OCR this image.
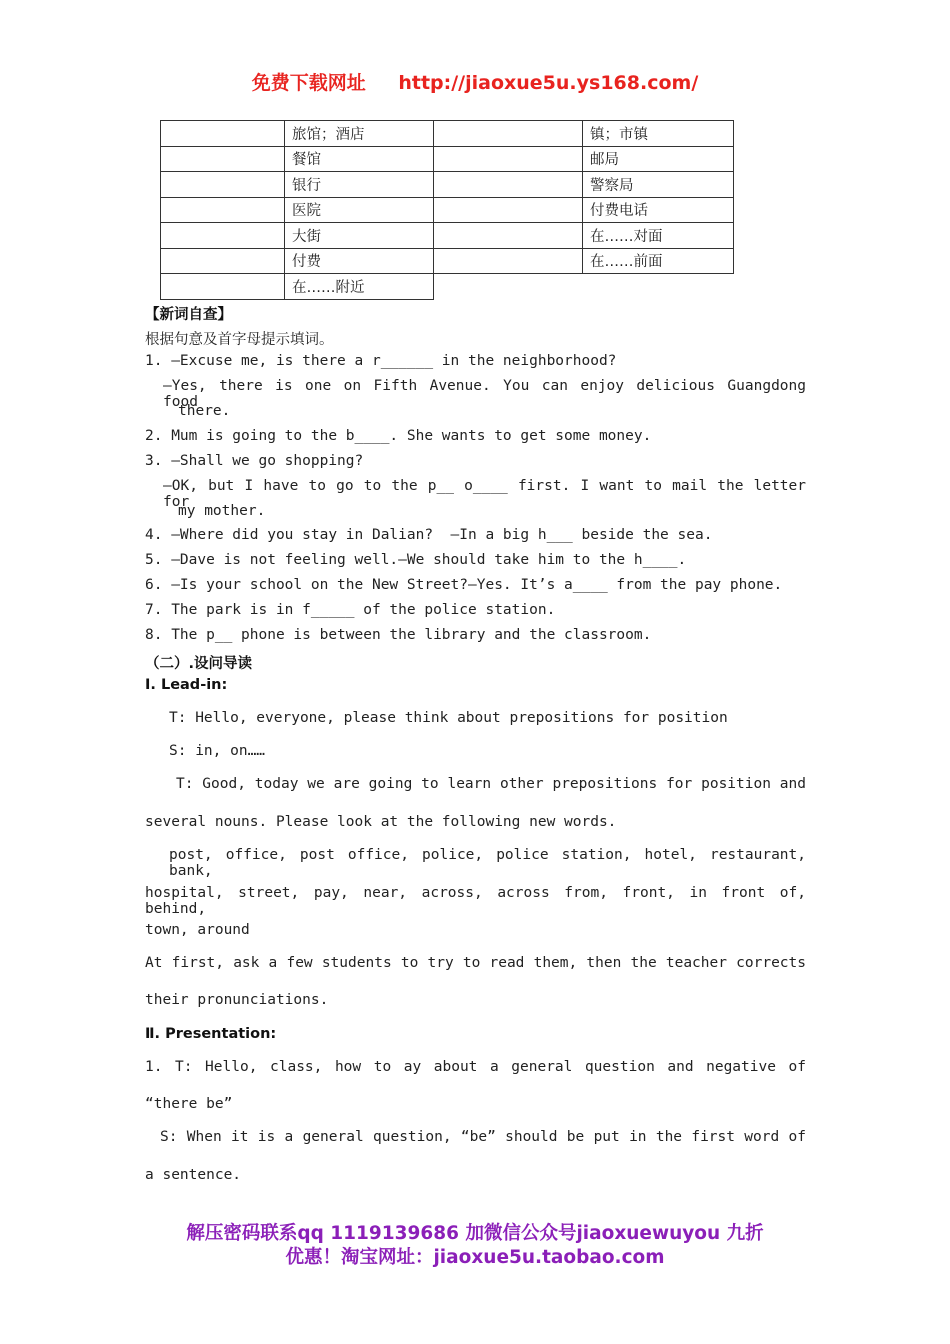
免费下载网址 http://jiaoxue5u.ys168.com/
	旅馆；酒店		镇；市镇
	餐馆		邮局
	银行		警察局
	医院		付费电话
	大街		在……对面
	付费		在……前面
	在……附近		
【新词自查】
根据句意及首字母提示填词。
1. —Excuse me, is there a r______ in the neighborhood?
—Yes, there is one on Fifth Avenue. You can enjoy delicious Guangdong food
there.
2. Mum is going to the b____. She wants to get some money.
3. —Shall we go shopping?
—OK, but I have to go to the p__ o____ first. I want to mail the letter for
my mother.
4. —Where did you stay in Dalian?  —In a big h___ beside the sea.
5. —Dave is not feeling well.—We should take him to the h____.
6. —Is your school on the New Street?—Yes. It’s a____ from the pay phone.
7. The park is in f_____ of the police station.
8. The p__ phone is between the library and the classroom.
（二）.设问导读
Ⅰ. Lead-in:
T: Hello, everyone, please think about prepositions for position
S: in, on……
T: Good, today we are going to learn other prepositions for position and
several nouns. Please look at the following new words.
post, office, post office, police, police station, hotel, restaurant, bank,
hospital, street, pay, near, across, across from, front, in front of, behind,
town, around
At first, ask a few students to try to read them, then the teacher corrects
their pronunciations.
Ⅱ. Presentation:
1. T: Hello, class, how to ay about a general question and negative of
“there be”
S: When it is a general question, “be” should be put in the first word of
a sentence.
解压密码联系qq 1119139686 加微信公众号jiaoxuewuyou 九折
优惠！淘宝网址：jiaoxue5u.taobao.com
